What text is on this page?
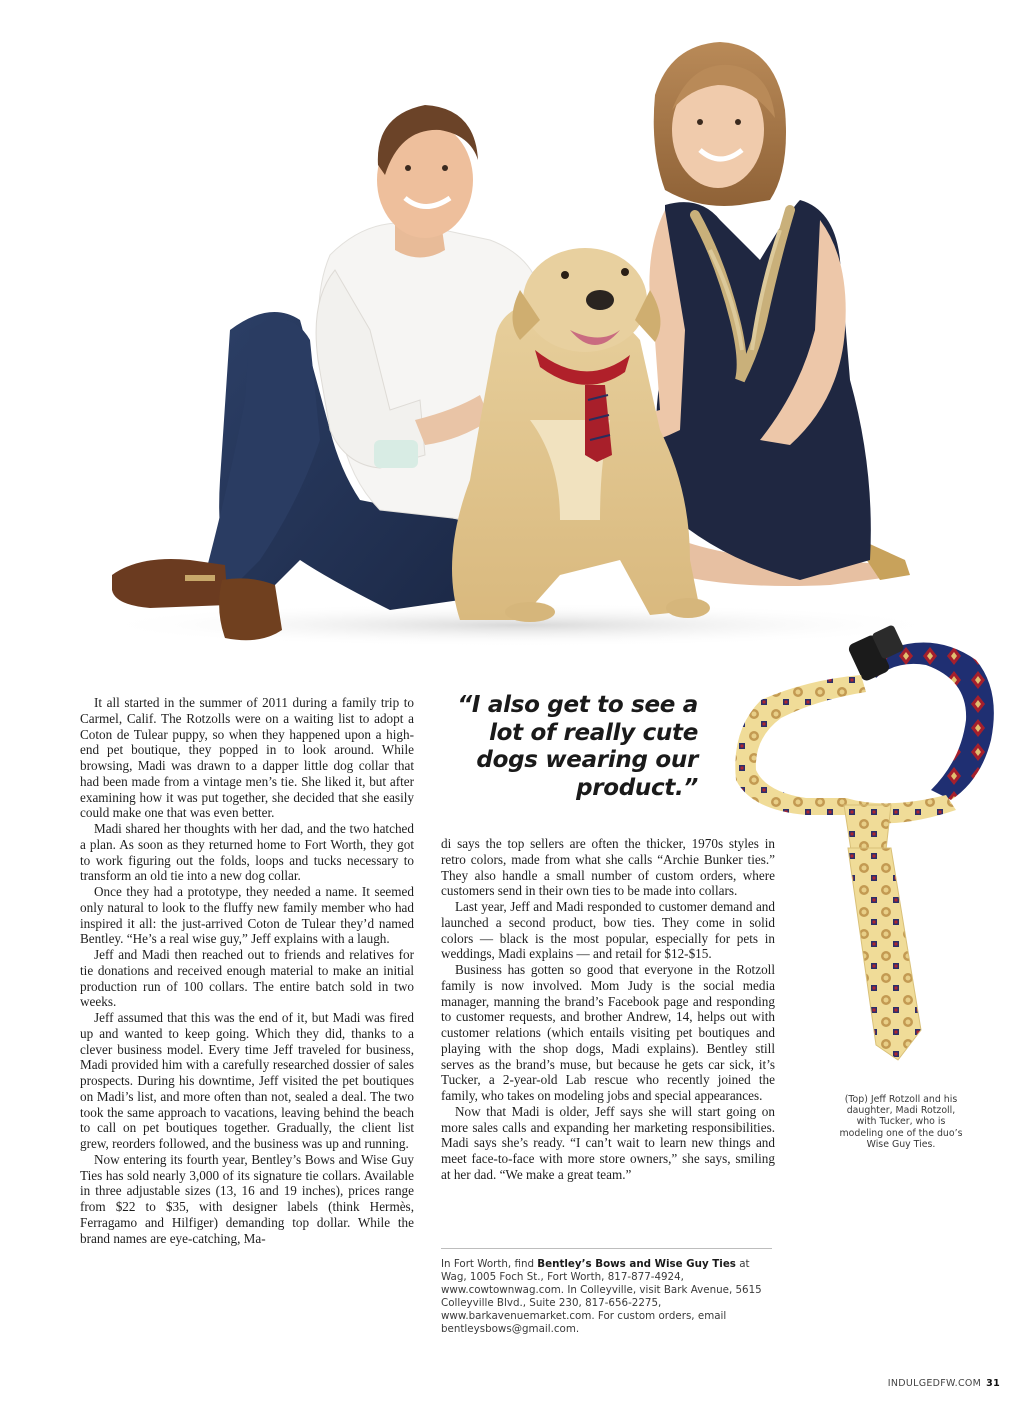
“I also get to see a lot of really cute dogs wearing our product.”

It all started in the summer of 2011 during a family trip to Carmel, Calif. The Rotzolls were on a waiting list to adopt a Coton de Tulear puppy, so when they happened upon a high-end pet boutique, they popped in to look around. While browsing, Madi was drawn to a dapper little dog collar that had been made from a vintage men’s tie. She liked it, but after examining how it was put together, she decided that she easily could make one that was even better.

Madi shared her thoughts with her dad, and the two hatched a plan. As soon as they returned home to Fort Worth, they got to work figuring out the folds, loops and tucks necessary to transform an old tie into a new dog collar.

Once they had a prototype, they needed a name. It seemed only natural to look to the fluffy new family member who had inspired it all: the just-arrived Coton de Tulear they’d named Bentley. “He’s a real wise guy,” Jeff explains with a laugh.

Jeff and Madi then reached out to friends and relatives for tie donations and received enough material to make an initial production run of 100 collars. The entire batch sold in two weeks.

Jeff assumed that this was the end of it, but Madi was fired up and wanted to keep going. Which they did, thanks to a clever business model. Every time Jeff traveled for business, Madi provided him with a carefully researched dossier of sales prospects. During his downtime, Jeff visited the pet boutiques on Madi’s list, and more often than not, sealed a deal. The two took the same approach to vacations, leaving behind the beach to call on pet boutiques together. Gradually, the client list grew, reorders followed, and the business was up and running.

Now entering its fourth year, Bentley’s Bows and Wise Guy Ties has sold nearly 3,000 of its signature tie collars. Available in three adjustable sizes (13, 16 and 19 inches), prices range from $22 to $35, with designer labels (think Hermès, Ferragamo and Hilfiger) demanding top dollar. While the brand names are eye-catching, Ma-

di says the top sellers are often the thicker, 1970s styles in retro colors, made from what she calls “Archie Bunker ties.” They also handle a small number of custom orders, where customers send in their own ties to be made into collars.

Last year, Jeff and Madi responded to customer demand and launched a second product, bow ties. They come in solid colors — black is the most popular, especially for pets in weddings, Madi explains — and retail for $12-$15.

Business has gotten so good that everyone in the Rotzoll family is now involved. Mom Judy is the social media manager, manning the brand’s Facebook page and responding to customer requests, and brother Andrew, 14, helps out with customer relations (which entails visiting pet boutiques and playing with the shop dogs, Madi explains). Bentley still serves as the brand’s muse, but because he gets car sick, it’s Tucker, a 2-year-old Lab rescue who recently joined the family, who takes on modeling jobs and special appearances.

Now that Madi is older, Jeff says she will start going on more sales calls and expanding her marketing responsibilities. Madi says she’s ready. “I can’t wait to learn new things and meet face-to-face with more store owners,” she says, smiling at her dad. “We make a great team.”

In Fort Worth, find Bentley’s Bows and Wise Guy Ties at Wag, 1005 Foch St., Fort Worth, 817-877-4924, www.cowtownwag.com. In Colleyville, visit Bark Avenue, 5615 Colleyville Blvd., Suite 230, 817-656-2275, www.barkavenuemarket.com. For custom orders, email bentleysbows@gmail.com.
(Top) Jeff Rotzoll and his daughter, Madi Rotzoll, with Tucker, who is modeling one of the duo’s Wise Guy Ties.
INDULGEDFW.COM 31
